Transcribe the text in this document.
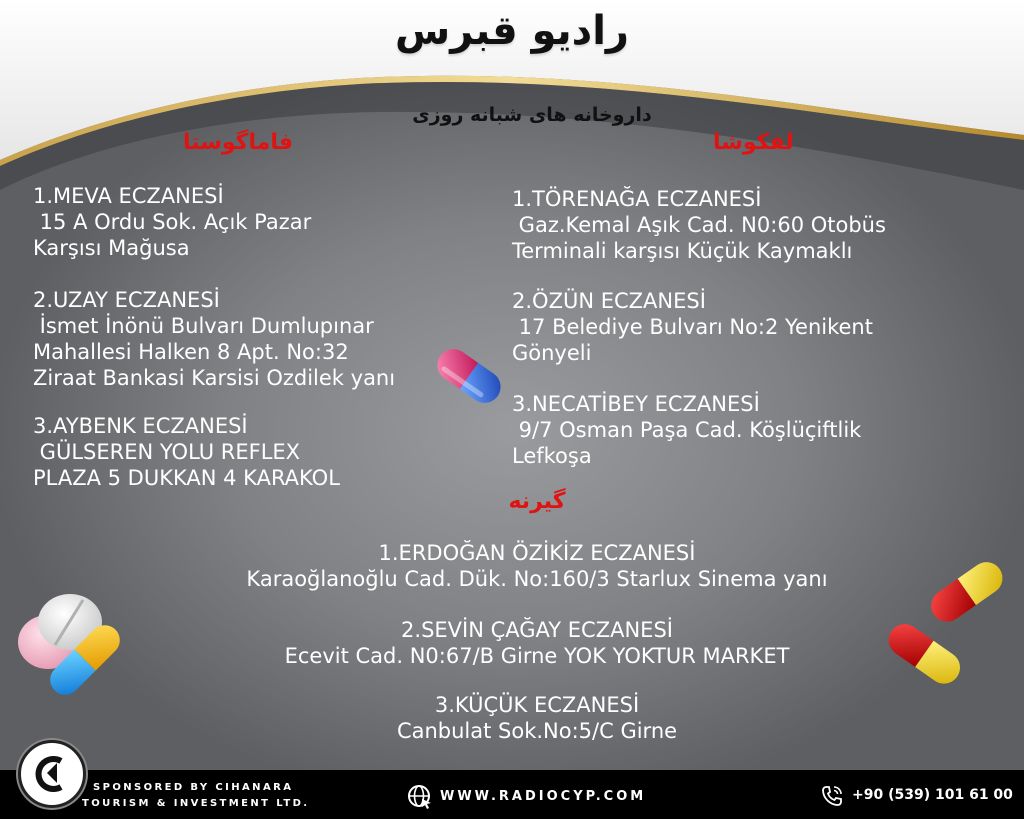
رادیو قبرس
داروخانه های شبانه روزی
فاماگوستا	لفکوشا
1.MEVA ECZANESİ
15 A Ordu Sok. Açık Pazar
Karşısı Mağusa
2.UZAY ECZANESİ
İsmet İnönü Bulvarı Dumlupınar
Mahallesi Halken 8 Apt. No:32
Ziraat Bankasi Karsisi Ozdilek yanı
3.AYBENK ECZANESİ
GÜLSEREN YOLU REFLEX
PLAZA 5 DUKKAN 4 KARAKOL
1.TÖRENAĞA ECZANESİ
Gaz.Kemal Aşık Cad. N0:60 Otobüs
Terminali karşısı Küçük Kaymaklı
2.ÖZÜN ECZANESİ
17 Belediye Bulvarı No:2 Yenikent
Gönyeli
3.NECATİBEY ECZANESİ
9/7 Osman Paşa Cad. Köşlüçiftlik
Lefkoşa
گیرنه
1.ERDOĞAN ÖZİKİZ ECZANESİ
Karaoğlanoğlu Cad. Dük. No:160/3 Starlux Sinema yanı
2.SEVİN ÇAĞAY ECZANESİ
Ecevit Cad. N0:67/B Girne YOK YOKTUR MARKET
3.KÜÇÜK ECZANESİ
Canbulat Sok.No:5/C Girne
SPONSORED BY CIHANARA
TOURISM & INVESTMENT LTD.	WWW.RADIOCYP.COM	+90 (539) 101 61 00
